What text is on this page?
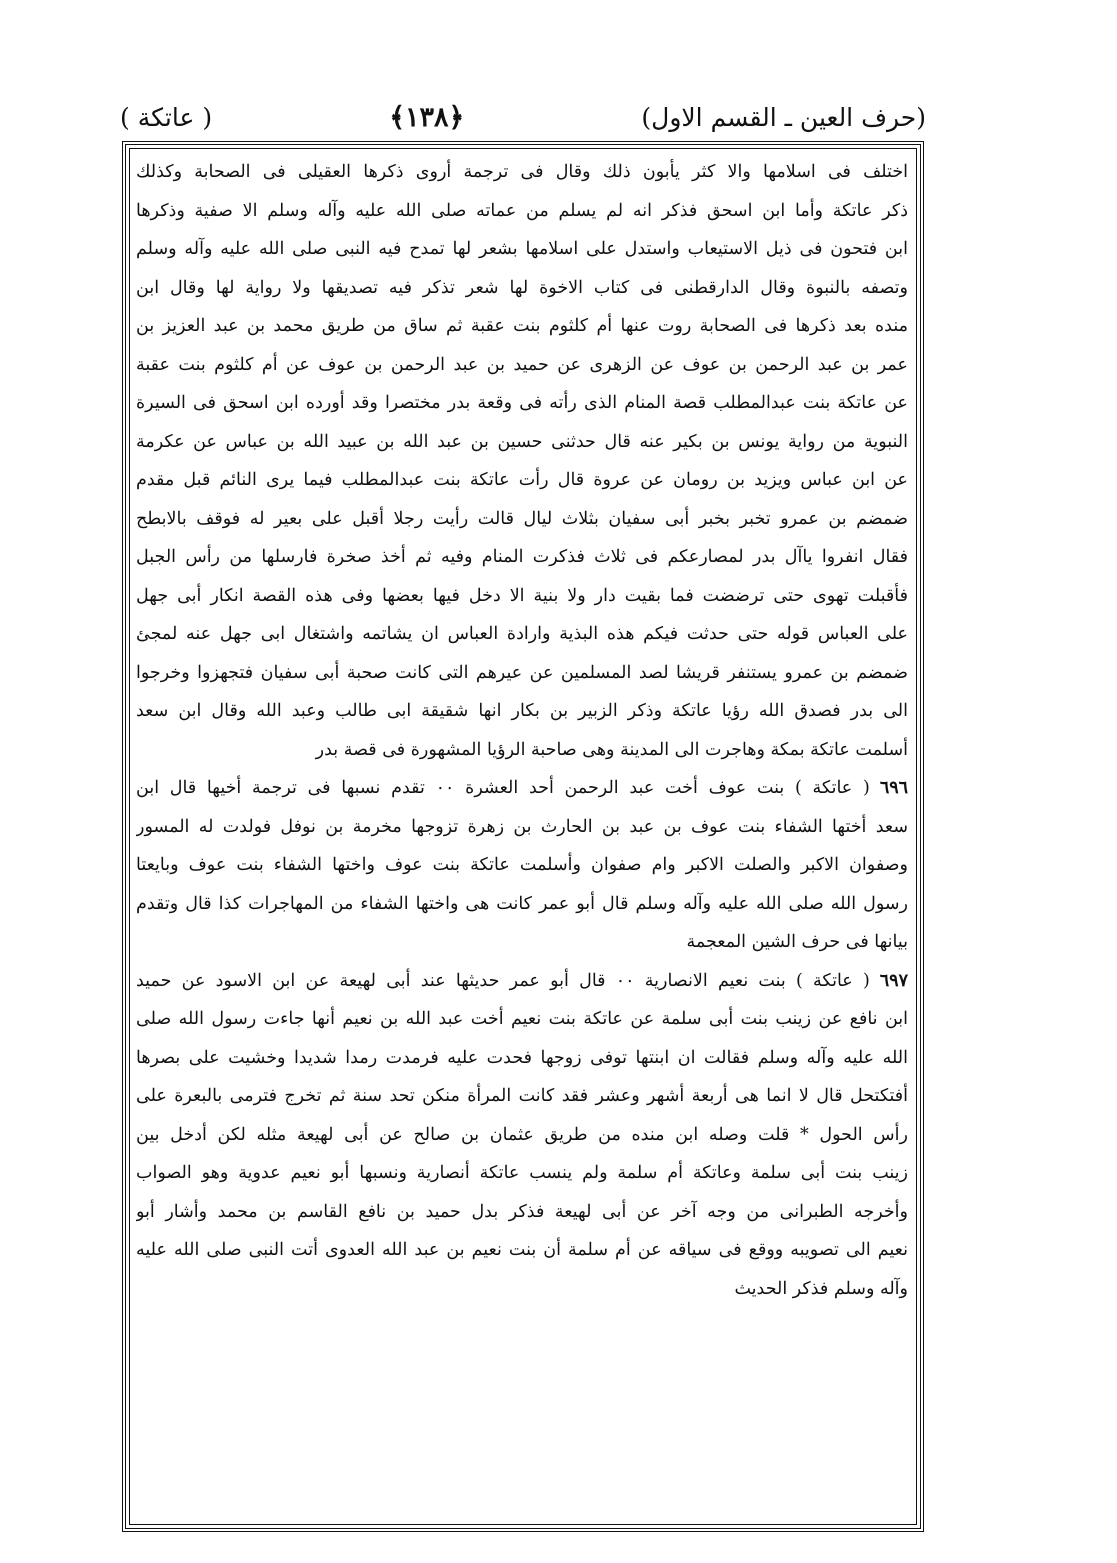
(حرف العين ـ القسم الاول)
﴿١٣٨﴾
( عاتكة )
اختلف فى اسلامها والا كثر يأبون ذلك وقال فى ترجمة أروى ذكرها العقيلى فى الصحابة وكذلك
ذكر عاتكة وأما ابن اسحق فذكر انه لم يسلم من عماته صلى الله عليه وآله وسلم الا صفية وذكرها
ابن فتحون فى ذيل الاستيعاب واستدل على اسلامها بشعر لها تمدح فيه النبى صلى الله عليه وآله وسلم
وتصفه بالنبوة وقال الدارقطنى فى كتاب الاخوة لها شعر تذكر فيه تصديقها ولا رواية لها وقال ابن
منده بعد ذكرها فى الصحابة روت عنها أم كلثوم بنت عقبة ثم ساق من طريق محمد بن عبد العزيز بن
عمر بن عبد الرحمن بن عوف عن الزهرى عن حميد بن عبد الرحمن بن عوف عن أم كلثوم بنت عقبة
عن عاتكة بنت عبدالمطلب قصة المنام الذى رأته فى وقعة بدر مختصرا وقد أورده ابن اسحق فى السيرة
النبوية من رواية يونس بن بكير عنه قال حدثنى حسين بن عبد الله بن عبيد الله بن عباس عن عكرمة
عن ابن عباس ويزيد بن رومان عن عروة قال رأت عاتكة بنت عبدالمطلب فيما يرى النائم قبل مقدم
ضمضم بن عمرو تخبر بخبر أبى سفيان بثلاث ليال قالت رأيت رجلا أقبل على بعير له فوقف بالابطح
فقال انفروا ياآل بدر لمصارعكم فى ثلاث فذكرت المنام وفيه ثم أخذ صخرة فارسلها من رأس الجبل
فأقبلت تهوى حتى ترضضت فما بقيت دار ولا بنية الا دخل فيها بعضها وفى هذه القصة انكار أبى جهل
على العباس قوله حتى حدثت فيكم هذه البذية وارادة العباس ان يشاتمه واشتغال ابى جهل عنه لمجئ
ضمضم بن عمرو يستنفر قريشا لصد المسلمين عن عيرهم التى كانت صحبة أبى سفيان فتجهزوا وخرجوا
الى بدر فصدق الله رؤيا عاتكة وذكر الزبير بن بكار انها شقيقة ابى طالب وعبد الله وقال ابن سعد
أسلمت عاتكة بمكة وهاجرت الى المدينة وهى صاحبة الرؤيا المشهورة فى قصة بدر
٦٩٦( عاتكة ) بنت عوف أخت عبد الرحمن أحد العشرة ٠٠ تقدم نسبها فى ترجمة أخيها قال ابن
سعد أختها الشفاء بنت عوف بن عبد بن الحارث بن زهرة تزوجها مخرمة بن نوفل فولدت له المسور
وصفوان الاكبر والصلت الاكبر وام صفوان وأسلمت عاتكة بنت عوف واختها الشفاء بنت عوف وبايعتا
رسول الله صلى الله عليه وآله وسلم قال أبو عمر كانت هى واختها الشفاء من المهاجرات كذا قال وتقدم
بيانها فى حرف الشين المعجمة
٦٩٧( عاتكة ) بنت نعيم الانصارية ٠٠ قال أبو عمر حديثها عند أبى لهيعة عن ابن الاسود عن حميد
ابن نافع عن زينب بنت أبى سلمة عن عاتكة بنت نعيم أخت عبد الله بن نعيم أنها جاءت رسول الله صلى
الله عليه وآله وسلم فقالت ان ابنتها توفى زوجها فحدت عليه فرمدت رمدا شديدا وخشيت على بصرها
أفتكتحل قال لا انما هى أربعة أشهر وعشر فقد كانت المرأة منكن تحد سنة ثم تخرج فترمى بالبعرة على
رأس الحول * قلت وصله ابن منده من طريق عثمان بن صالح عن أبى لهيعة مثله لكن أدخل بين
زينب بنت أبى سلمة وعاتكة أم سلمة ولم ينسب عاتكة أنصارية ونسبها أبو نعيم عدوية وهو الصواب
وأخرجه الطبرانى من وجه آخر عن أبى لهيعة فذكر بدل حميد بن نافع القاسم بن محمد وأشار أبو
نعيم الى تصويبه ووقع فى سياقه عن أم سلمة أن بنت نعيم بن عبد الله العدوى أتت النبى صلى الله عليه
وآله وسلم فذكر الحديث
